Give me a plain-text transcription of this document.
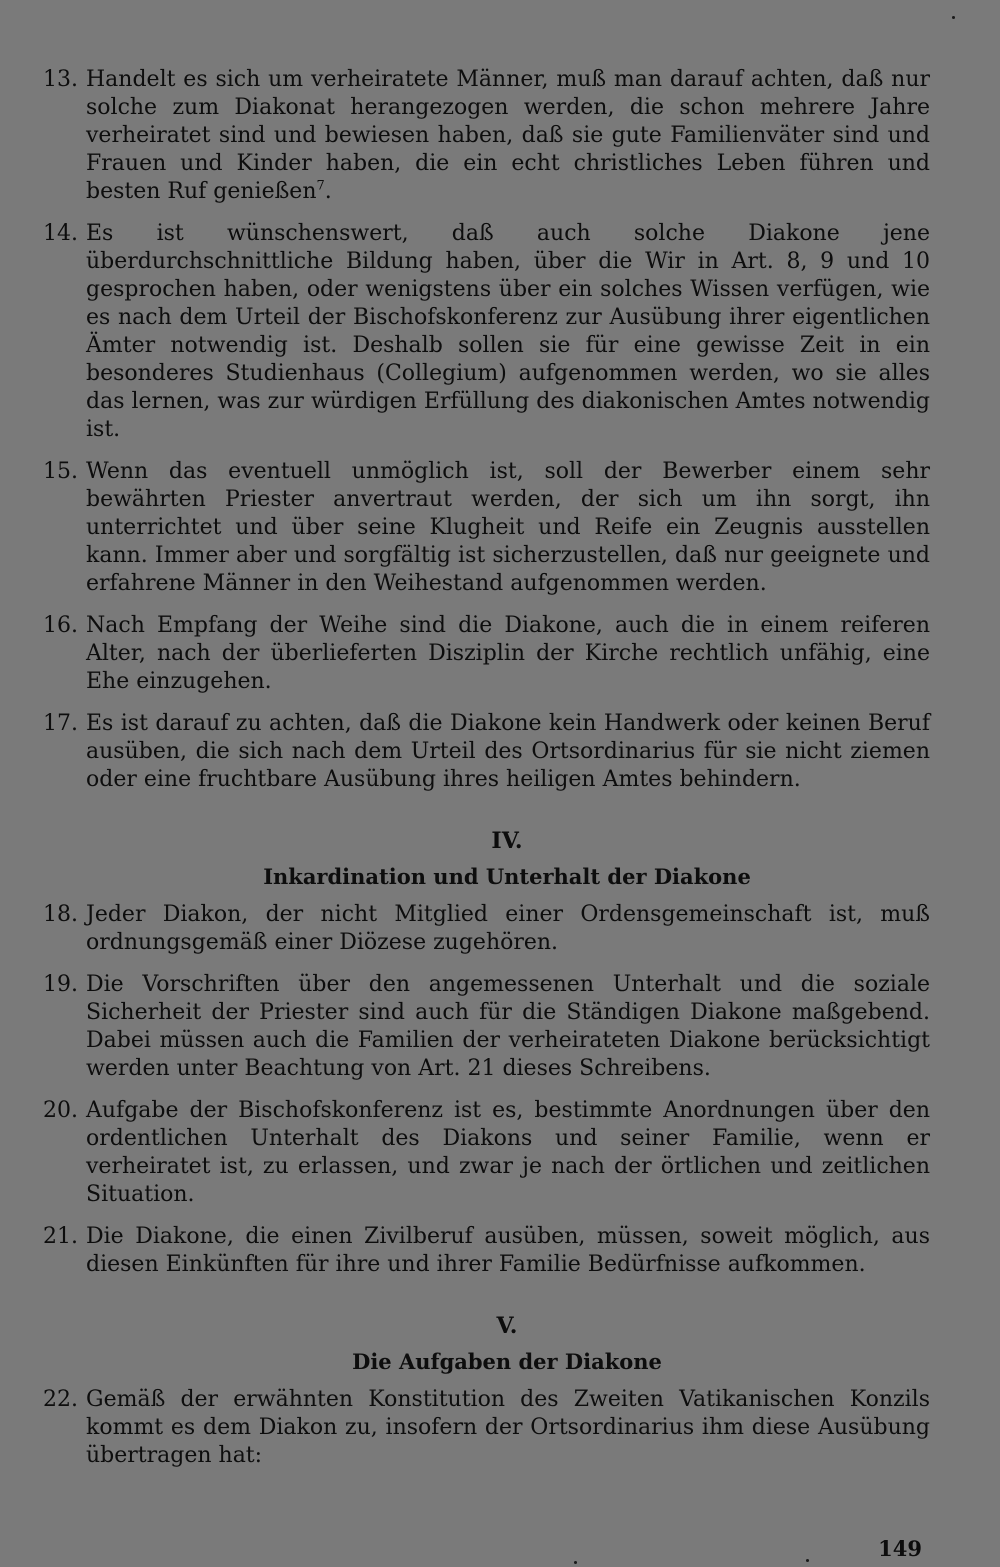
13. Handelt es sich um verheiratete Männer, muß man darauf achten, daß nur solche zum Diakonat herangezogen werden, die schon mehrere Jahre verheiratet sind und bewiesen haben, daß sie gute Familienväter sind und Frauen und Kinder haben, die ein echt christliches Leben führen und besten Ruf genießen$^7$.
14. Es ist wünschenswert, daß auch solche Diakone jene überdurchschnittliche Bildung haben, über die Wir in Art. 8, 9 und 10 gesprochen haben, oder wenigstens über ein solches Wissen verfügen, wie es nach dem Urteil der Bischofskonferenz zur Ausübung ihrer eigentlichen Ämter notwendig ist. Deshalb sollen sie für eine gewisse Zeit in ein besonderes Studienhaus (Collegium) aufgenommen werden, wo sie alles das lernen, was zur würdigen Erfüllung des diakonischen Amtes notwendig ist.
15. Wenn das eventuell unmöglich ist, soll der Bewerber einem sehr bewährten Priester anvertraut werden, der sich um ihn sorgt, ihn unterrichtet und über seine Klugheit und Reife ein Zeugnis ausstellen kann. Immer aber und sorgfältig ist sicherzustellen, daß nur geeignete und erfahrene Männer in den Weihestand aufgenommen werden.
16. Nach Empfang der Weihe sind die Diakone, auch die in einem reiferen Alter, nach der überlieferten Disziplin der Kirche rechtlich unfähig, eine Ehe einzugehen.
17. Es ist darauf zu achten, daß die Diakone kein Handwerk oder keinen Beruf ausüben, die sich nach dem Urteil des Ortsordinarius für sie nicht ziemen oder eine fruchtbare Ausübung ihres heiligen Amtes behindern.
IV.
Inkardination und Unterhalt der Diakone
18. Jeder Diakon, der nicht Mitglied einer Ordensgemeinschaft ist, muß ordnungsgemäß einer Diözese zugehören.
19. Die Vorschriften über den angemessenen Unterhalt und die soziale Sicherheit der Priester sind auch für die Ständigen Diakone maßgebend. Dabei müssen auch die Familien der verheirateten Diakone berücksichtigt werden unter Beachtung von Art. 21 dieses Schreibens.
20. Aufgabe der Bischofskonferenz ist es, bestimmte Anordnungen über den ordentlichen Unterhalt des Diakons und seiner Familie, wenn er verheiratet ist, zu erlassen, und zwar je nach der örtlichen und zeitlichen Situation.
21. Die Diakone, die einen Zivilberuf ausüben, müssen, soweit möglich, aus diesen Einkünften für ihre und ihrer Familie Bedürfnisse aufkommen.
V.
Die Aufgaben der Diakone
22. Gemäß der erwähnten Konstitution des Zweiten Vatikanischen Konzils kommt es dem Diakon zu, insofern der Ortsordinarius ihm diese Ausübung übertragen hat:
149
